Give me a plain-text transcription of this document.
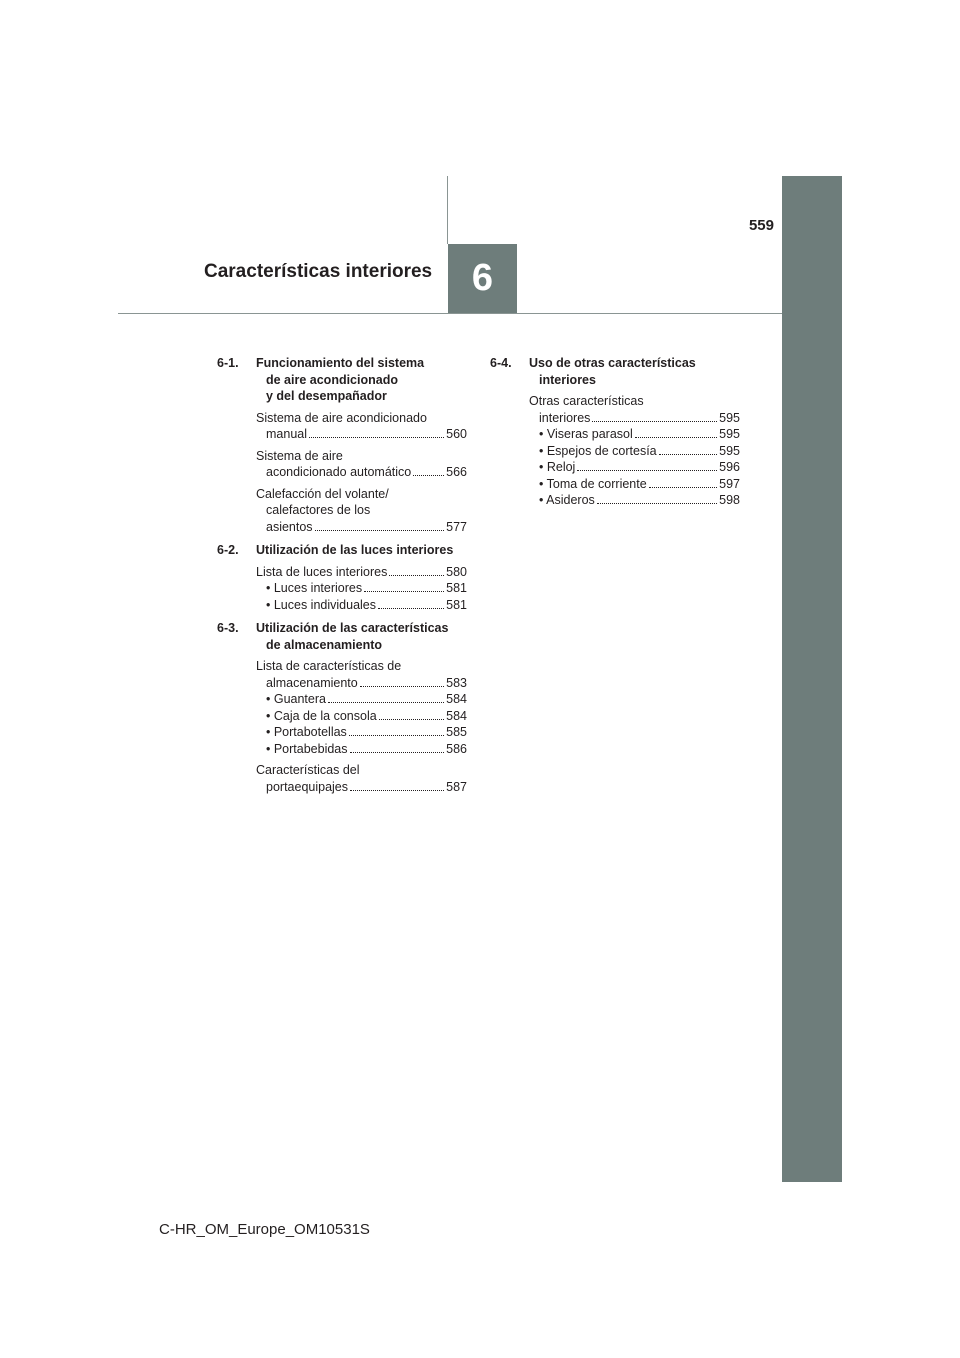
559
6
Características interiores
6-1.	Funcionamiento del sistema
de aire acondicionado
y del desempañador
Sistema de aire acondicionado
manual	560
Sistema de aire
acondicionado automático	566
Calefacción del volante/
calefactores de los
asientos	577
6-2.	Utilización de las luces interiores
Lista de luces interiores	580
• Luces interiores	581
• Luces individuales	581
6-3.	Utilización de las características
de almacenamiento
Lista de características de
almacenamiento	583
• Guantera	584
• Caja de la consola	584
• Portabotellas	585
• Portabebidas	586
Características del
portaequipajes	587
6-4.	Uso de otras características
interiores
Otras características
interiores	595
• Viseras parasol	595
• Espejos de cortesía	595
• Reloj	596
• Toma de corriente	597
• Asideros	598
C-HR_OM_Europe_OM10531S
